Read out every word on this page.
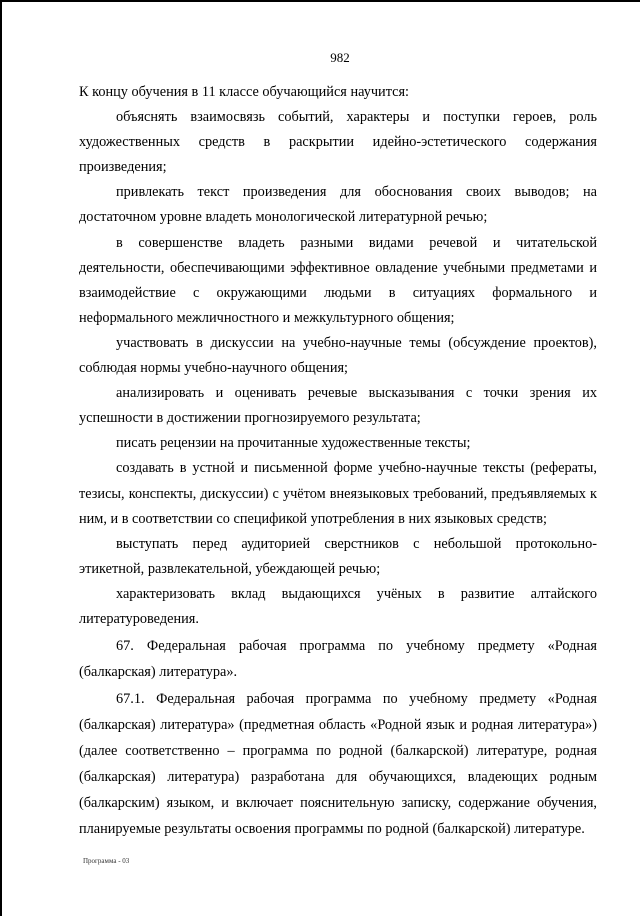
982

К концу обучения в 11 классе обучающийся научится:

объяснять взаимосвязь событий, характеры и поступки героев, роль художественных средств в раскрытии идейно-эстетического содержания произведения;

привлекать текст произведения для обоснования своих выводов; на достаточном уровне владеть монологической литературной речью;

в совершенстве владеть разными видами речевой и читательской деятельности, обеспечивающими эффективное овладение учебными предметами и взаимодействие с окружающими людьми в ситуациях формального и неформального межличностного и межкультурного общения;

участвовать в дискуссии на учебно-научные темы (обсуждение проектов), соблюдая нормы учебно-научного общения;

анализировать и оценивать речевые высказывания с точки зрения их успешности в достижении прогнозируемого результата;

писать рецензии на прочитанные художественные тексты;

создавать в устной и письменной форме учебно-научные тексты (рефераты, тезисы, конспекты, дискуссии) с учётом внеязыковых требований, предъявляемых к ним, и в соответствии со спецификой употребления в них языковых средств;

выступать перед аудиторией сверстников с небольшой протокольно-этикетной, развлекательной, убеждающей речью;

характеризовать вклад выдающихся учёных в развитие алтайского литературоведения.

67. Федеральная рабочая программа по учебному предмету «Родная (балкарская) литература».

67.1. Федеральная рабочая программа по учебному предмету «Родная (балкарская) литература» (предметная область «Родной язык и родная литература») (далее соответственно – программа по родной (балкарской) литературе, родная (балкарская) литература) разработана для обучающихся, владеющих родным (балкарским) языком, и включает пояснительную записку, содержание обучения, планируемые результаты освоения программы по родной (балкарской) литературе.

Программа - 03
